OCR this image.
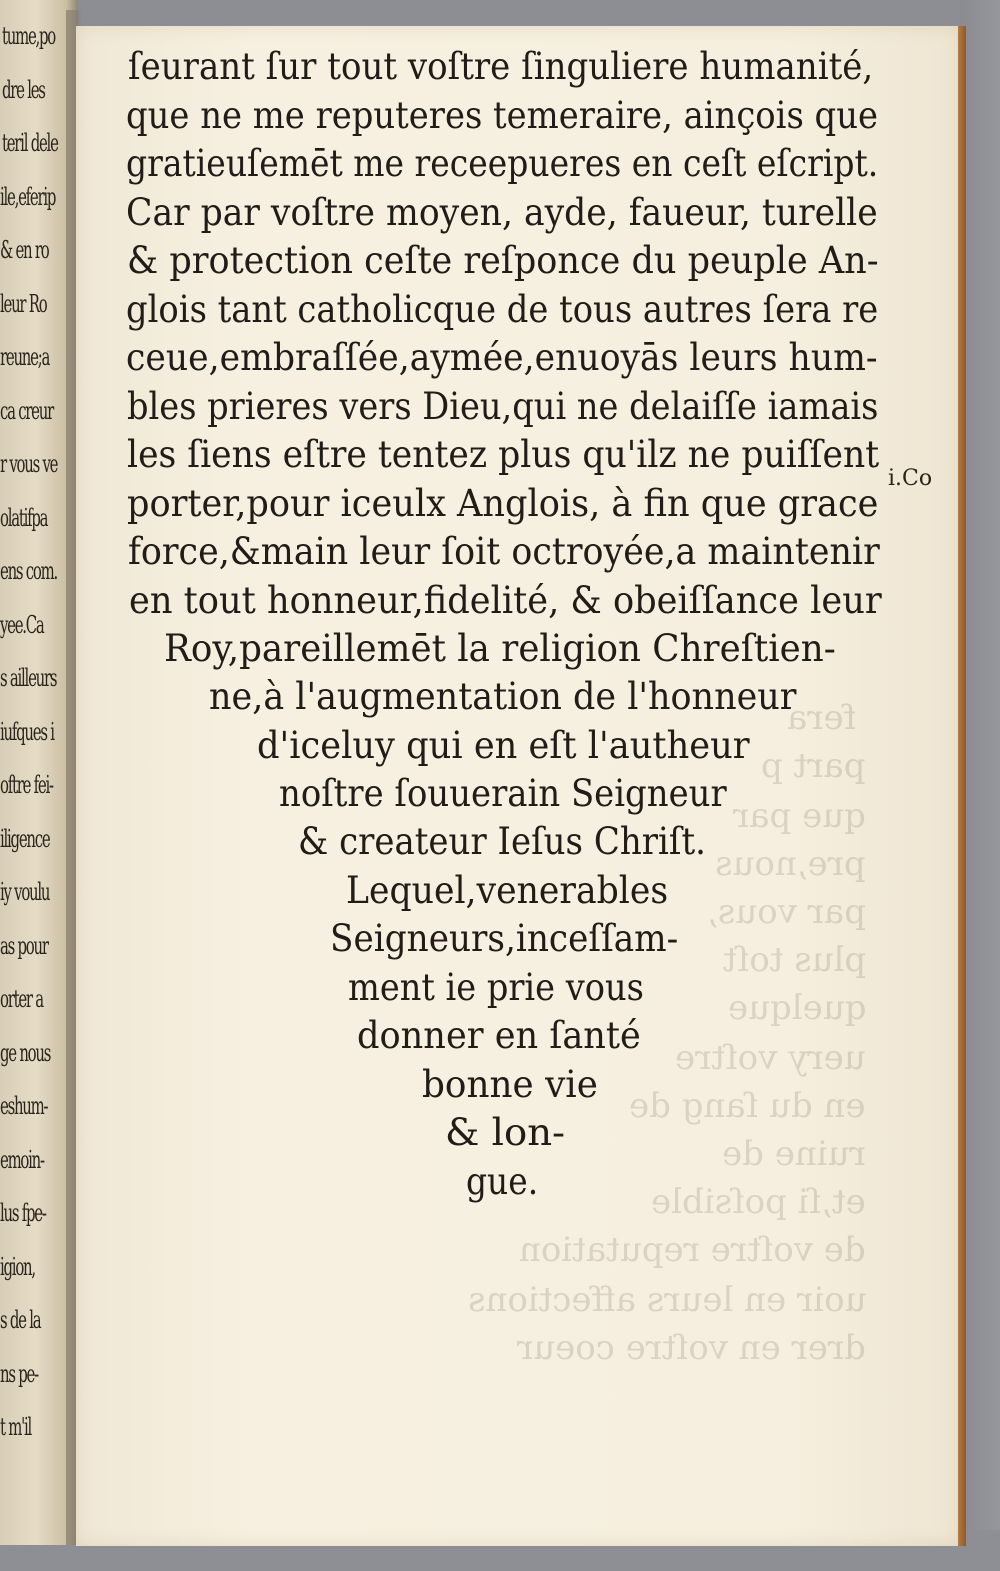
tume,po
dre les
teril dele
ile,eferip
& en ro
leur Ro
reune;a
ca creur
r vous ve
olatifpa
ens com.
yee.Ca
s ailleurs
iufques i
oftre fei-
iligence
iy voulu
as pour
orter a
ge nous
eshum-
emoin-
lus fpe-
igion,
s de la
ns pe-
t m'il
fera
part p
que par
pre,nous
par vous,
plus toſt
quelque
uery voſtre
en du ſang de
ruine de
et,ſi poſsible
de voſtre reputation
uoir en leurs affections
drer en voſtre coeur
i.Co
ſeurant ſur tout voſtre ſinguliere humanité,
que ne me reputeres temeraire, ainçois que
gratieuſemēt me receepueres en ceſt eſcript.
Car par voſtre moyen, ayde, faueur, turelle
& protection ceſte reſponce du peuple An-
glois tant catholicque de tous autres ſera re
ceue,embraſſée,aymée,enuoyās leurs hum-
bles prieres vers Dieu,qui ne delaiſſe iamais
les ſiens eſtre tentez plus qu'ilz ne puiſſent
porter,pour iceulx Anglois, à fin que grace
force,&main leur ſoit octroyée,a maintenir
en tout honneur,fidelité, & obeiſſance leur
Roy,pareillemēt la religion Chreſtien-
ne,à l'augmentation de l'honneur
d'iceluy qui en eſt l'autheur
noſtre ſouuerain Seigneur
& createur Ieſus Chriſt.
Lequel,venerables
Seigneurs,inceſſam-
ment ie prie vous
donner en ſanté
bonne vie
& lon-
gue.
